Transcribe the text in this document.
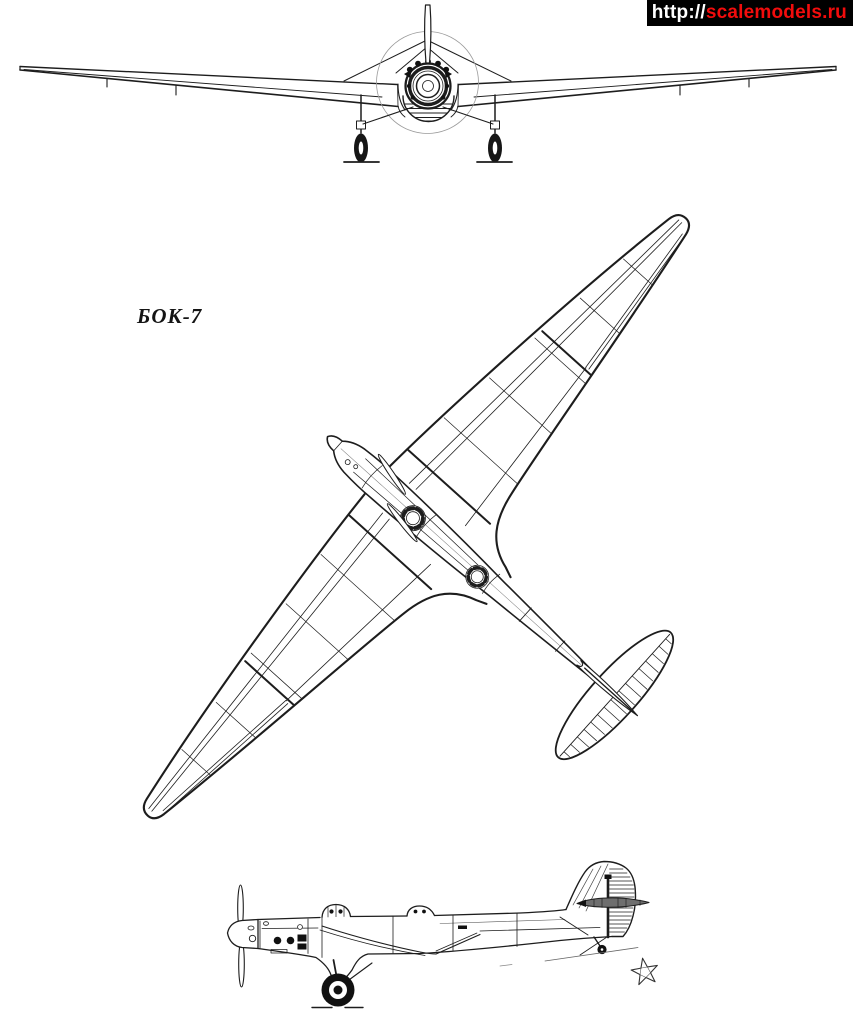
http:// scalemodels.ru
БОК-7
